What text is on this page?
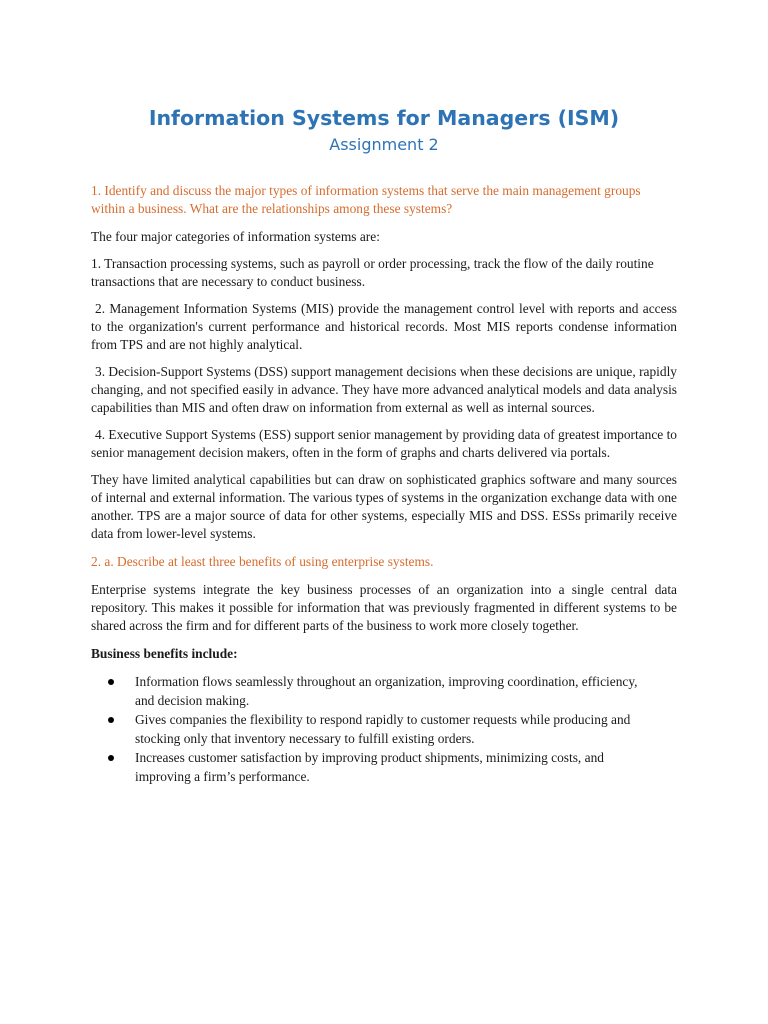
Information Systems for Managers (ISM)
Assignment 2

1. Identify and discuss the major types of information systems that serve the main management groups within a business. What are the relationships among these systems?

The four major categories of information systems are:

1. Transaction processing systems, such as payroll or order processing, track the flow of the daily routine transactions that are necessary to conduct business.

2. Management Information Systems (MIS) provide the management control level with reports and access to the organization's current performance and historical records. Most MIS reports condense information from TPS and are not highly analytical.

3. Decision-Support Systems (DSS) support management decisions when these decisions are unique, rapidly changing, and not specified easily in advance. They have more advanced analytical models and data analysis capabilities than MIS and often draw on information from external as well as internal sources.

4. Executive Support Systems (ESS) support senior management by providing data of greatest importance to senior management decision makers, often in the form of graphs and charts delivered via portals.

They have limited analytical capabilities but can draw on sophisticated graphics software and many sources of internal and external information. The various types of systems in the organization exchange data with one another. TPS are a major source of data for other systems, especially MIS and DSS. ESSs primarily receive data from lower-level systems.

2. a. Describe at least three benefits of using enterprise systems.

Enterprise systems integrate the key business processes of an organization into a single central data repository. This makes it possible for information that was previously fragmented in different systems to be shared across the firm and for different parts of the business to work more closely together.

Business benefits include:

Information flows seamlessly throughout an organization, improving coordination, efficiency,
and decision making.
Gives companies the flexibility to respond rapidly to customer requests while producing and
stocking only that inventory necessary to fulfill existing orders.
Increases customer satisfaction by improving product shipments, minimizing costs, and
improving a firm’s performance.
